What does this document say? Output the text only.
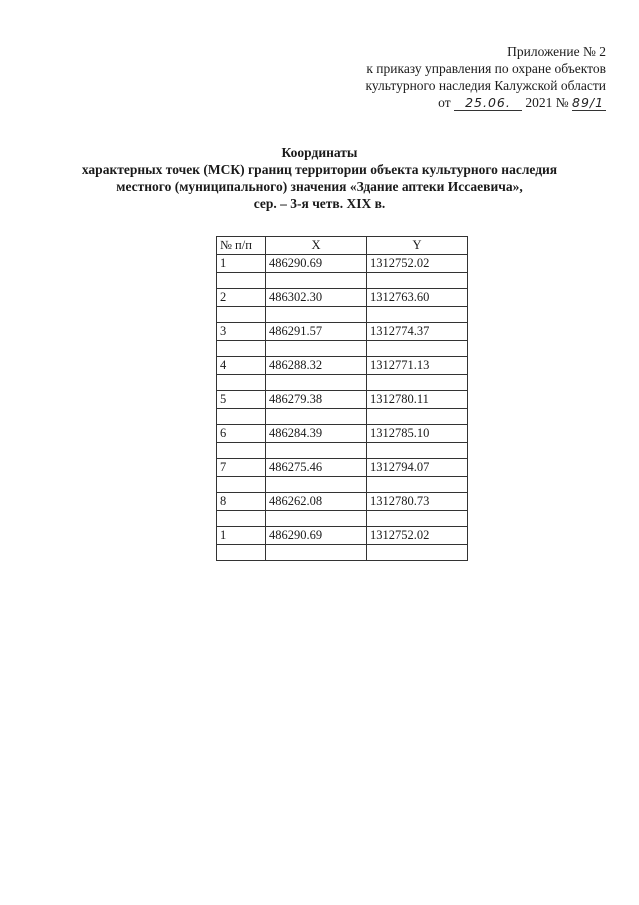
Приложение № 2
к приказу управления по охране объектов
культурного наследия Калужской области
от 25.06. 2021 № 89/1
Координаты
характерных точек (МСК) границ территории объекта культурного наследия
местного (муниципального) значения «Здание аптеки Иссаевича»,
сер. – 3-я четв. XIX в.
№ п/п	X	Y
1	486290.69	1312752.02

2	486302.30	1312763.60

3	486291.57	1312774.37

4	486288.32	1312771.13

5	486279.38	1312780.11

6	486284.39	1312785.10

7	486275.46	1312794.07

8	486262.08	1312780.73

1	486290.69	1312752.02
